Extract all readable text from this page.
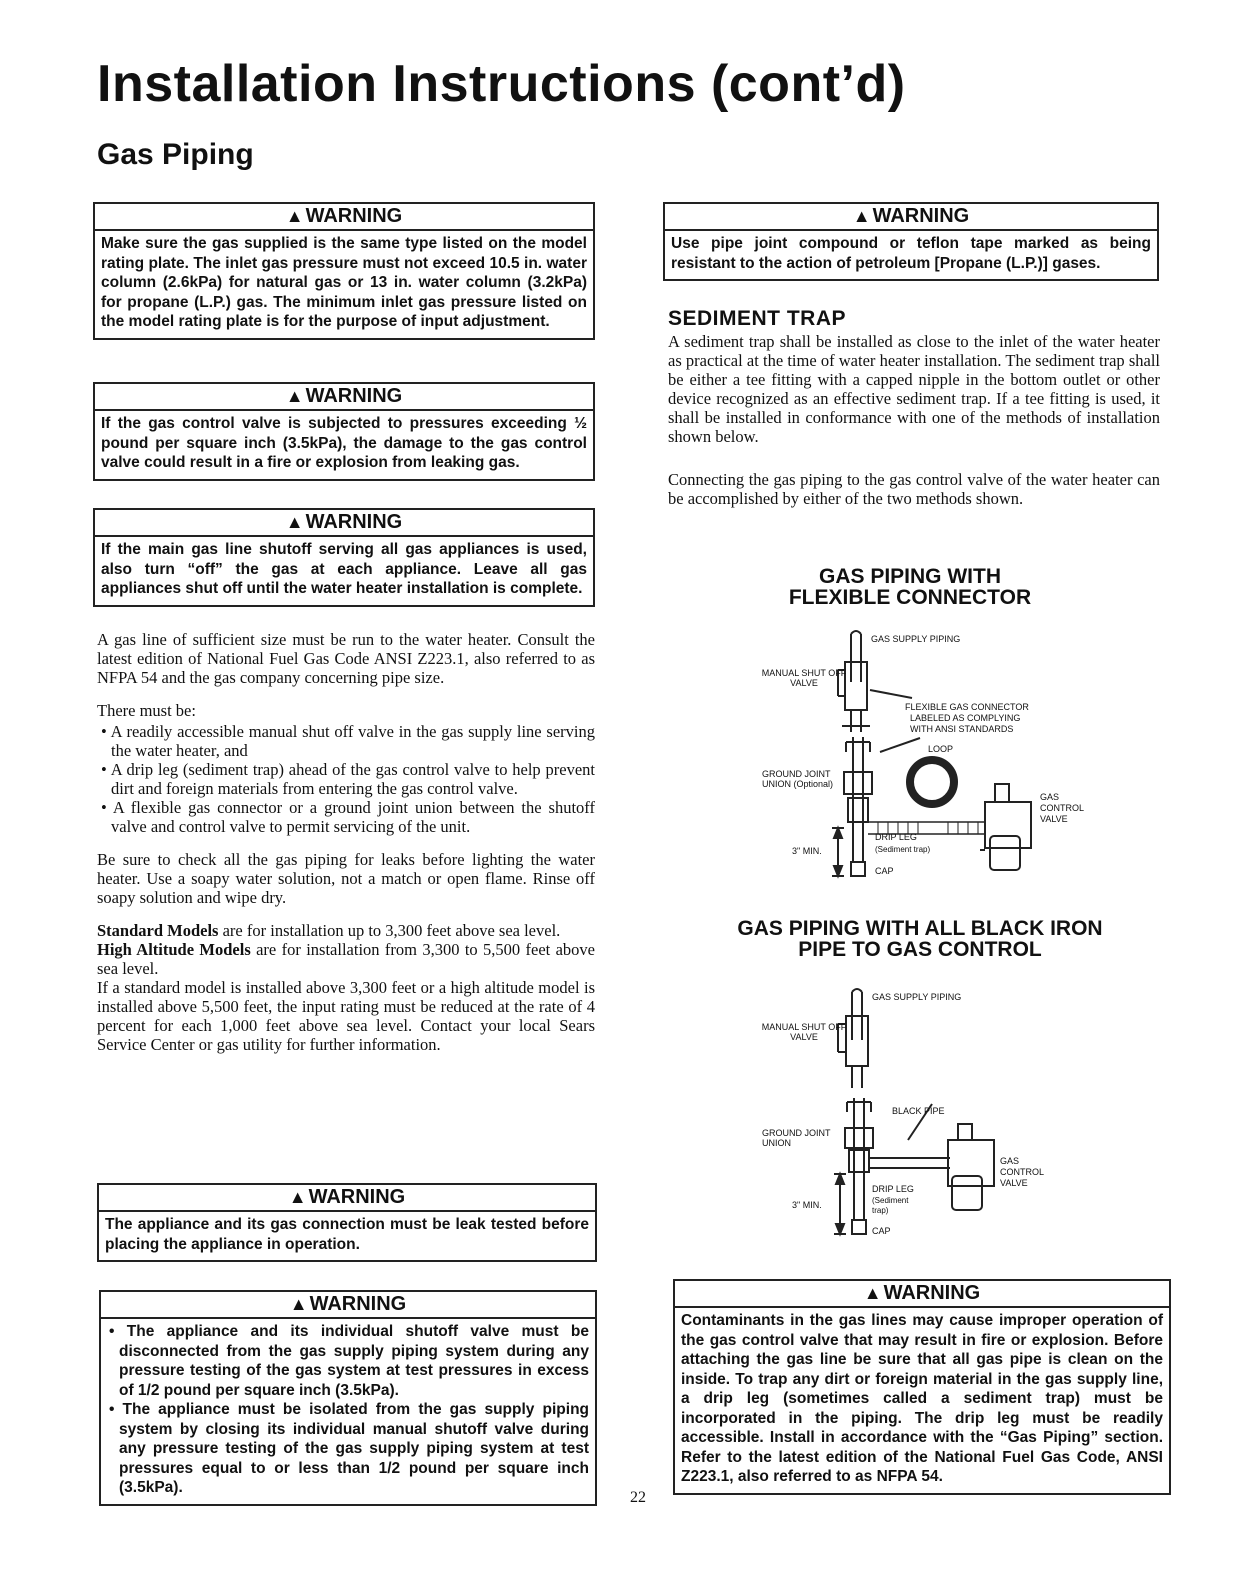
Installation Instructions (cont’d)
Gas Piping
▲ WARNING
Make sure the gas supplied is the same type listed on the model rating plate. The inlet gas pressure must not exceed 10.5 in. water column (2.6kPa) for natural gas or 13 in. water column (3.2kPa) for propane (L.P.) gas. The minimum inlet gas pressure listed on the model rating plate is for the purpose of input adjustment.
▲ WARNING
If the gas control valve is subjected to pressures exceeding ½ pound per square inch (3.5kPa), the damage to the gas control valve could result in a fire or explosion from leaking gas.
▲ WARNING
If the main gas line shutoff serving all gas appliances is used, also turn “off” the gas at each appliance. Leave all gas appliances shut off until the water heater installation is complete.

A gas line of sufficient size must be run to the water heater. Consult the latest edition of National Fuel Gas Code ANSI Z223.1, also referred to as NFPA 54 and the gas company concerning pipe size.

There must be:

• A readily accessible manual shut off valve in the gas supply line serving the water heater, and
• A drip leg (sediment trap) ahead of the gas control valve to help prevent dirt and foreign materials from entering the gas control valve.
• A flexible gas connector or a ground joint union between the shutoff valve and control valve to permit servicing of the unit.

Be sure to check all the gas piping for leaks before lighting the water heater. Use a soapy water solution, not a match or open flame. Rinse off soapy solution and wipe dry.

Standard Models are for installation up to 3,300 feet above sea level.
High Altitude Models are for installation from 3,300 to 5,500 feet above sea level.
If a standard model is installed above 3,300 feet or a high altitude model is installed above 5,500 feet, the input rating must be reduced at the rate of 4 percent for each 1,000 feet above sea level. Contact your local Sears Service Center or gas utility for further information.
▲ WARNING
The appliance and its gas connection must be leak tested before placing the appliance in operation.
▲ WARNING
• The appliance and its individual shutoff valve must be disconnected from the gas supply piping system during any pressure testing of the gas system at test pressures in excess of 1/2 pound per square inch (3.5kPa).
• The appliance must be isolated from the gas supply piping system by closing its individual manual shutoff valve during any pressure testing of the gas supply piping system at test pressures equal to or less than 1/2 pound per square inch (3.5kPa).
▲ WARNING
Use pipe joint compound or teflon tape marked as being resistant to the action of petroleum [Propane (L.P.)] gases.
SEDIMENT TRAP

A sediment trap shall be installed as close to the inlet of the water heater as practical at the time of water heater installation. The sediment trap shall be either a tee fitting with a capped nipple in the bottom outlet or other device recognized as an effective sediment trap. If a tee fitting is used, it shall be installed in conformance with one of the methods of installation shown below.

Connecting the gas piping to the gas control valve of the water heater can be accomplished by either of the two methods shown.

GAS PIPING WITH
FLEXIBLE CONNECTOR
GAS SUPPLY PIPING
MANUAL SHUT OFF
VALVE
FLEXIBLE GAS CONNECTOR
LABELED AS COMPLYING
WITH ANSI STANDARDS
LOOP
GROUND JOINT
UNION (Optional)
GAS
CONTROL
VALVE
DRIP LEG
(Sediment trap)
3" MIN.
CAP
GAS PIPING WITH ALL BLACK IRON
PIPE TO GAS CONTROL
GAS SUPPLY PIPING
MANUAL SHUT OFF
VALVE
BLACK PIPE
GROUND JOINT
UNION
GAS
CONTROL
VALVE
DRIP LEG
(Sediment
trap)
3" MIN.
CAP
▲ WARNING
Contaminants in the gas lines may cause improper operation of the gas control valve that may result in fire or explosion. Before attaching the gas line be sure that all gas pipe is clean on the inside. To trap any dirt or foreign material in the gas supply line, a drip leg (sometimes called a sediment trap) must be incorporated in the piping. The drip leg must be readily accessible. Install in accordance with the “Gas Piping” section. Refer to the latest edition of the National Fuel Gas Code, ANSI Z223.1, also referred to as NFPA 54.
22
